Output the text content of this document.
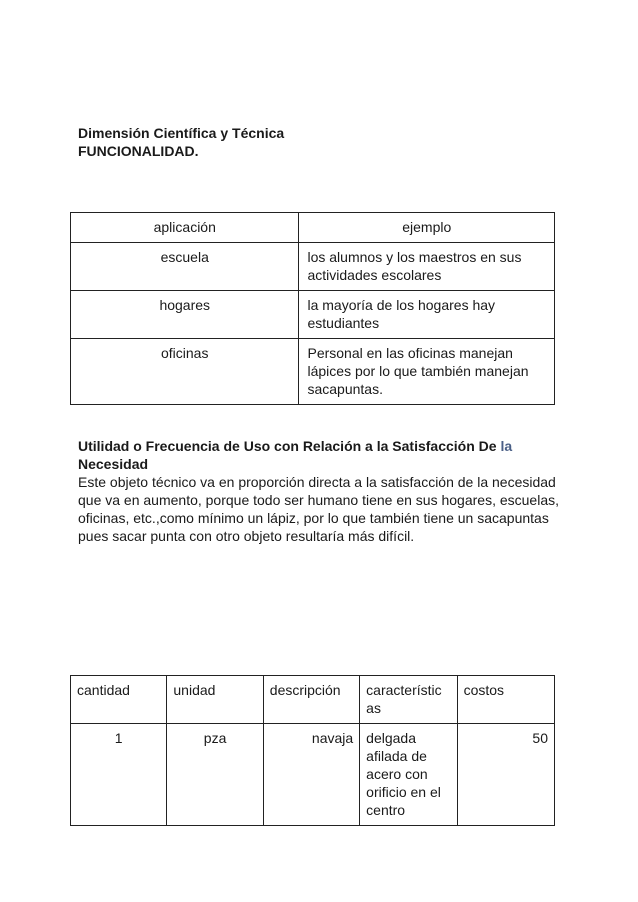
Dimensión Científica y Técnica
FUNCIONALIDAD.
aplicación	ejemplo
escuela	los alumnos y los maestros en sus actividades escolares
hogares	la mayoría de los hogares hay estudiantes
oficinas	Personal en las oficinas manejan lápices por lo que también manejan sacapuntas.
Utilidad o Frecuencia de Uso con Relación a la Satisfacción De la
Necesidad
Este objeto técnico va en proporción directa a la satisfacción de la necesidad que va en aumento, porque todo ser humano tiene en sus hogares, escuelas, oficinas, etc.,como mínimo un lápiz, por lo que también tiene un sacapuntas pues sacar punta con otro objeto resultaría más difícil.
cantidad	unidad	descripción	característic as	costos
1	pza	navaja	delgada afilada de acero con orificio en el centro	50
